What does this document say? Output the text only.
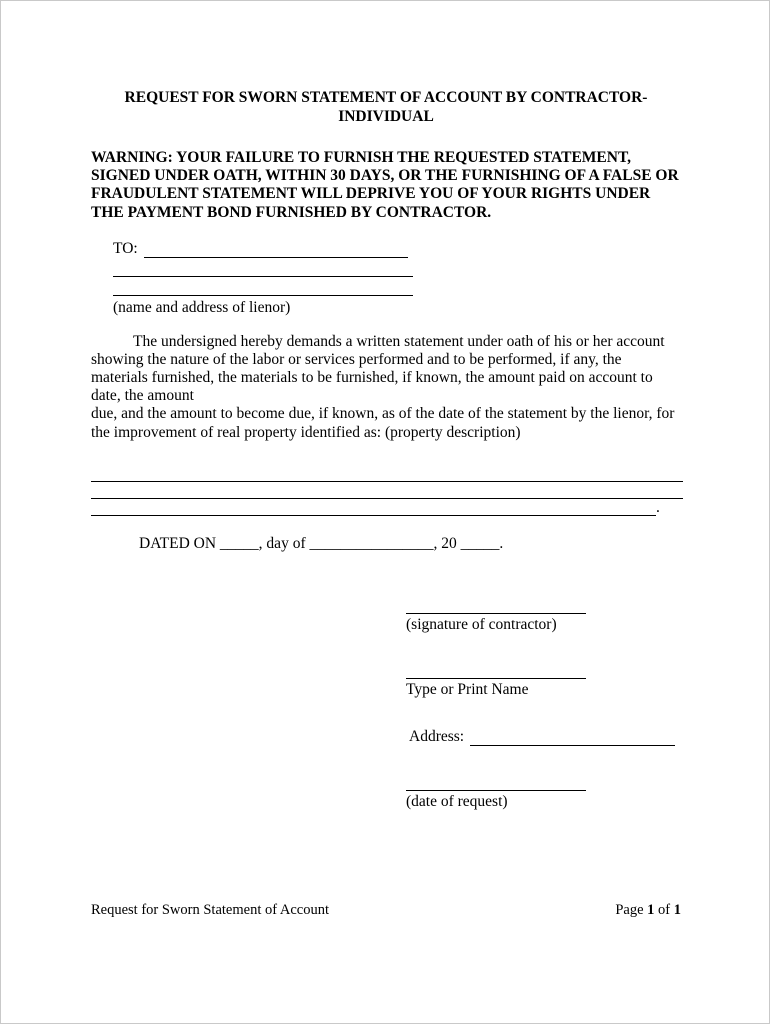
REQUEST FOR SWORN STATEMENT OF ACCOUNT BY CONTRACTOR-
INDIVIDUAL

WARNING: YOUR FAILURE TO FURNISH THE REQUESTED STATEMENT, SIGNED UNDER OATH, WITHIN 30 DAYS, OR THE FURNISHING OF A FALSE OR FRAUDULENT STATEMENT WILL DEPRIVE YOU OF YOUR RIGHTS UNDER THE PAYMENT BOND FURNISHED BY CONTRACTOR.

TO:
(name and address of lienor)

The undersigned hereby demands a written statement under oath of his or her account showing the nature of the labor or services performed and to be performed, if any, the materials furnished, the materials to be furnished, if known, the amount paid on account to date, the amount
due, and the amount to become due, if known, as of the date of the statement by the lienor, for the improvement of real property identified as: (property description)

.
DATED ON _____, day of ________________, 20 _____.
(signature of contractor)
Type or Print Name
Address:
(date of request)
Request for Sworn Statement of Account	Page 1 of 1
